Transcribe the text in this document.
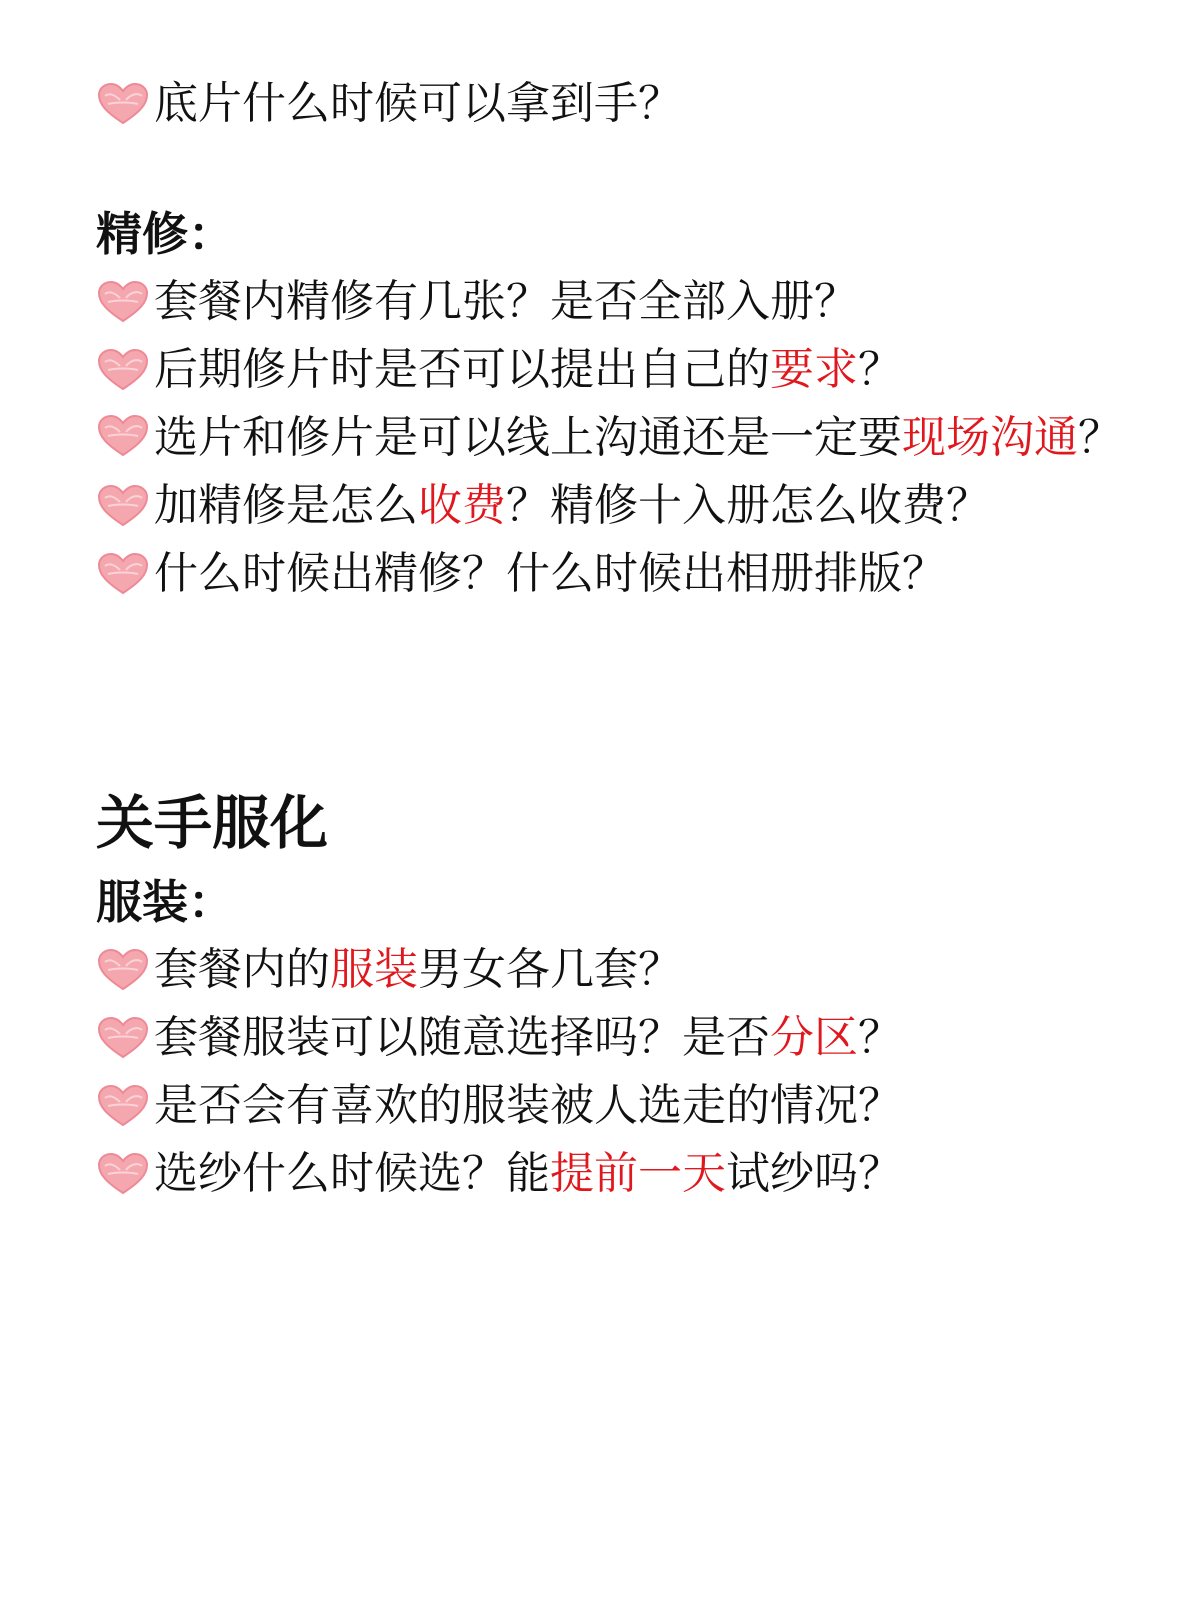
底片什么时候可以拿到手？
精修：
套餐内精修有几张？是否全部入册？
后期修片时是否可以提出自己的要求？
选片和修片是可以线上沟通还是一定要现场沟通？
加精修是怎么收费？精修十入册怎么收费？
什么时候出精修？什么时候出相册排版？
关手服化
服装：
套餐内的服装男女各几套？
套餐服装可以随意选择吗？是否分区？
是否会有喜欢的服装被人选走的情况？
选纱什么时候选？能提前一天试纱吗？
